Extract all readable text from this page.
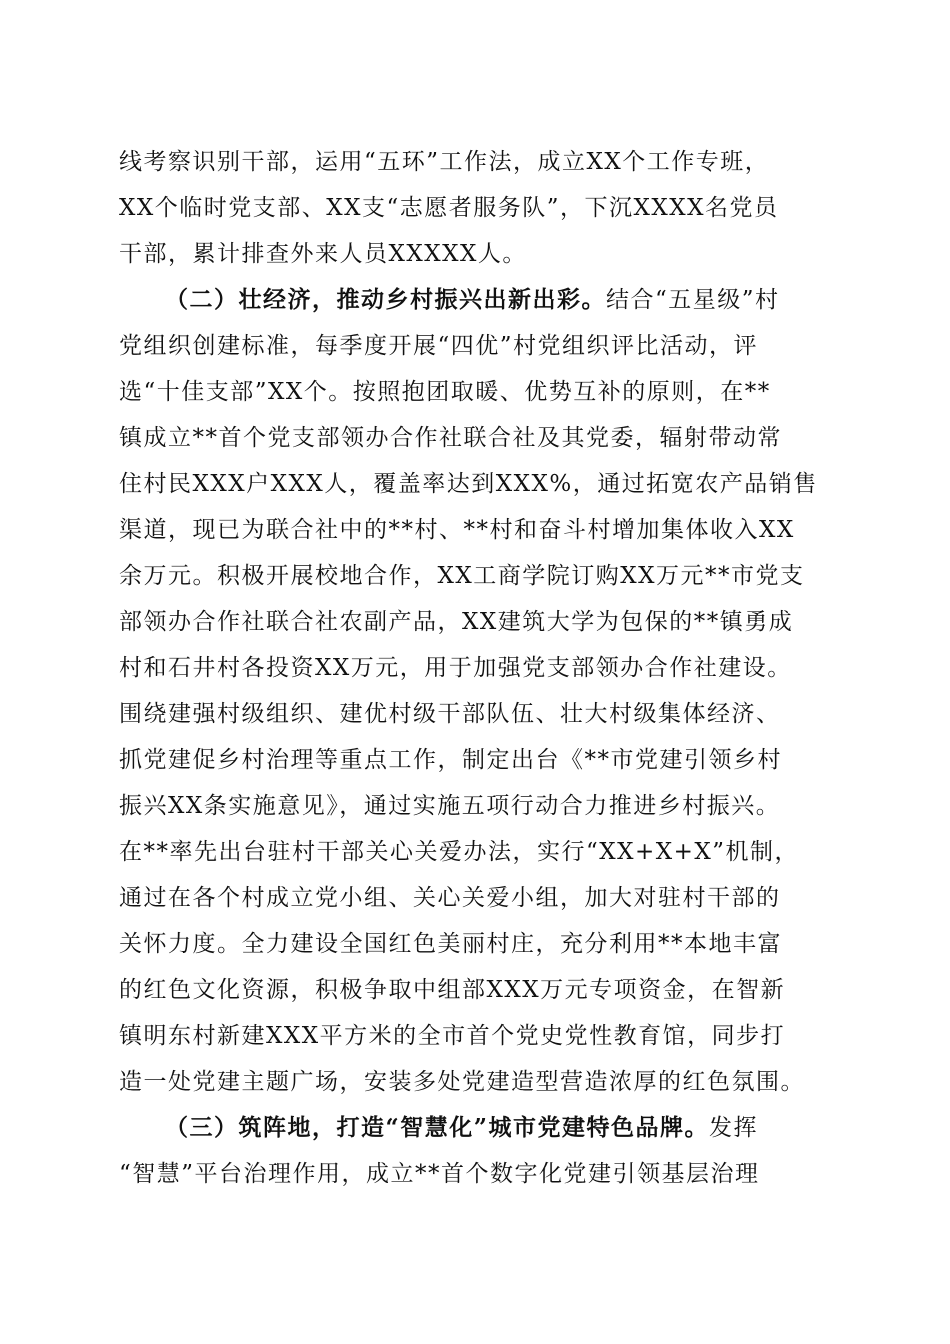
线考察识别干部，运用“五环”工作法，成立XX个工作专班，
XX个临时党支部、XX支“志愿者服务队”，下沉XXXX名党员
干部，累计排查外来人员XXXXX人。
（二）壮经济，推动乡村振兴出新出彩。结合“五星级”村
党组织创建标准，每季度开展“四优”村党组织评比活动，评
选“十佳支部”XX个。按照抱团取暖、优势互补的原则，在**
镇成立**首个党支部领办合作社联合社及其党委，辐射带动常
住村民XXX户XXX人，覆盖率达到XXX%，通过拓宽农产品销售
渠道，现已为联合社中的**村、**村和奋斗村增加集体收入XX
余万元。积极开展校地合作，XX工商学院订购XX万元**市党支
部领办合作社联合社农副产品，XX建筑大学为包保的**镇勇成
村和石井村各投资XX万元，用于加强党支部领办合作社建设。
围绕建强村级组织、建优村级干部队伍、壮大村级集体经济、
抓党建促乡村治理等重点工作，制定出台《**市党建引领乡村
振兴XX条实施意见》，通过实施五项行动合力推进乡村振兴。
在**率先出台驻村干部关心关爱办法，实行“XX+X+X”机制，
通过在各个村成立党小组、关心关爱小组，加大对驻村干部的
关怀力度。全力建设全国红色美丽村庄，充分利用**本地丰富
的红色文化资源，积极争取中组部XXX万元专项资金，在智新
镇明东村新建XXX平方米的全市首个党史党性教育馆，同步打
造一处党建主题广场，安装多处党建造型营造浓厚的红色氛围。
（三）筑阵地，打造“智慧化”城市党建特色品牌。发挥
“智慧”平台治理作用，成立**首个数字化党建引领基层治理
